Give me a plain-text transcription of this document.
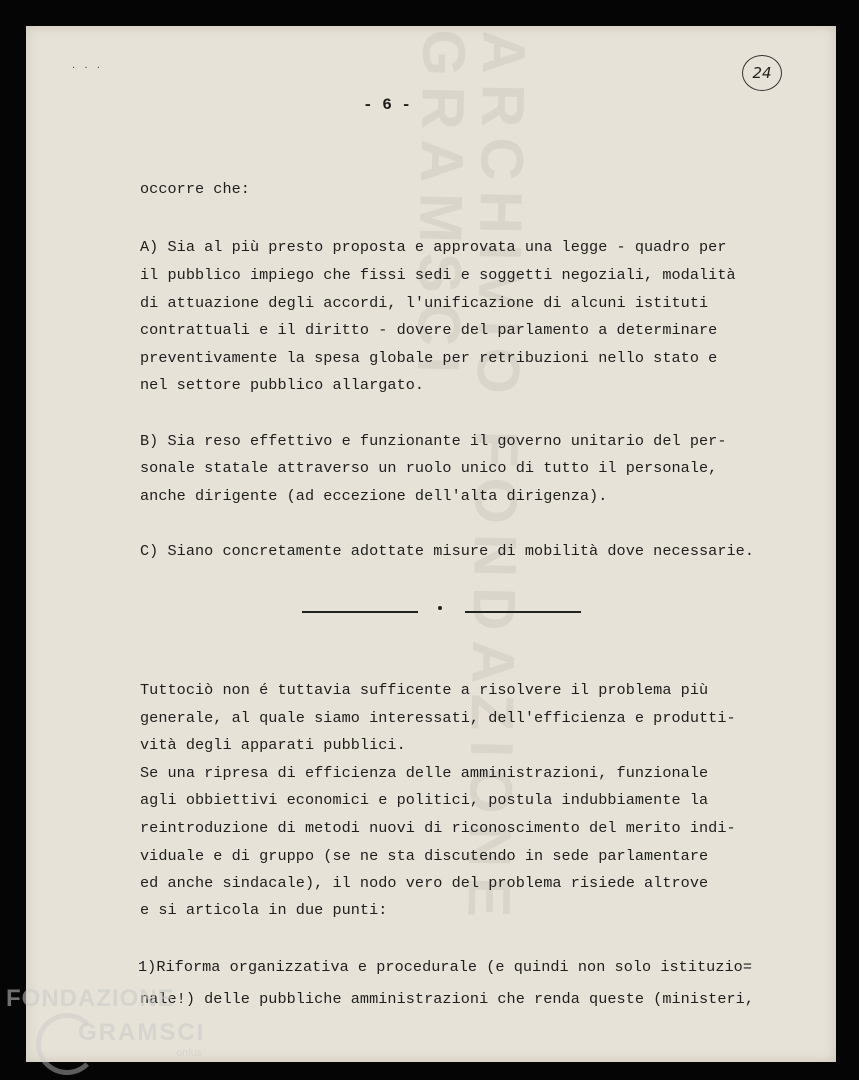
. . .	24
- 6 -
occorre che:
A) Sia al più presto proposta e approvata una legge - quadro per
il pubblico impiego che fissi sedi e soggetti negoziali, modalità
di attuazione degli accordi, l'unificazione di alcuni istituti
contrattuali e il diritto - dovere del parlamento a determinare
preventivamente la spesa globale per retribuzioni nello stato e
nel settore pubblico allargato.
B) Sia reso effettivo e funzionante il governo unitario del per-
sonale statale attraverso un ruolo unico di tutto il personale,
anche dirigente (ad eccezione dell'alta dirigenza).
C) Siano concretamente adottate misure di mobilità dove necessarie.
Tuttociò non é tuttavia sufficente a risolvere il problema più
generale, al quale siamo interessati, dell'efficienza e produtti-
vità degli apparati pubblici.
Se una ripresa di efficienza delle amministrazioni, funzionale
agli obbiettivi economici e politici, postula indubbiamente la
reintroduzione di metodi nuovi di riconoscimento del merito indi-
viduale e di gruppo (se ne sta discutendo in sede parlamentare
ed anche sindacale), il nodo vero del problema risiede altrove
e si articola in due punti:
1)Riforma organizzativa e procedurale (e quindi non solo istituzio=
nale!) delle pubbliche amministrazioni che renda queste (ministeri,
FONDAZIONE
GRAMSCI
onlus
